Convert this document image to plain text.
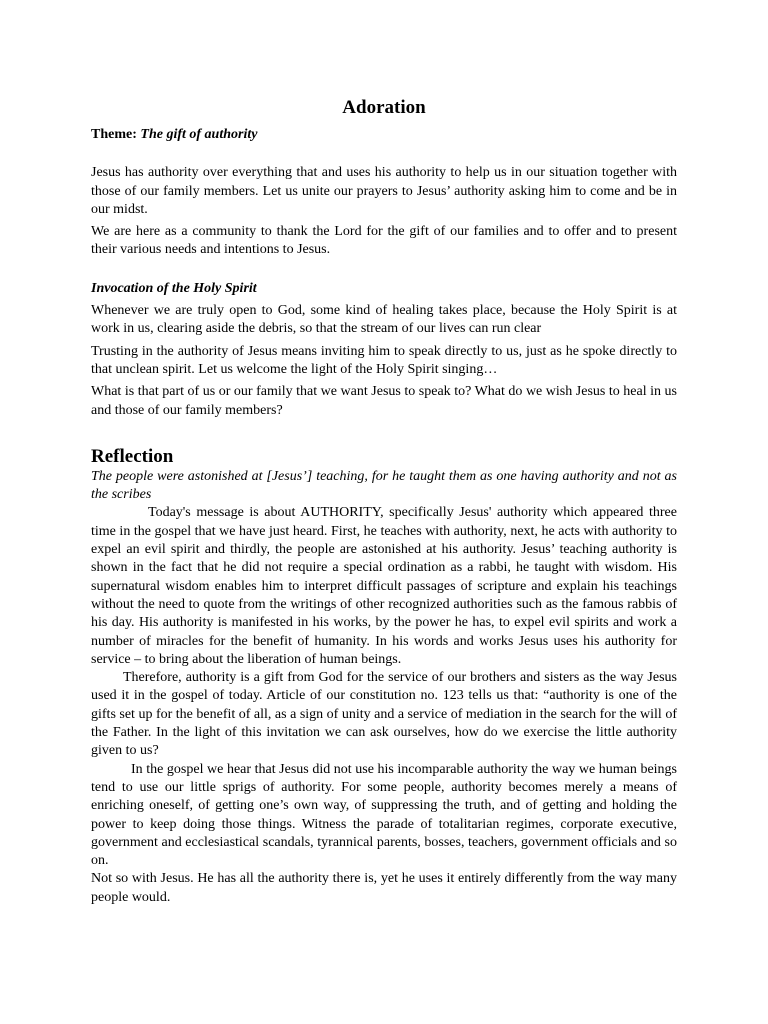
Adoration
Theme: The gift of authority

Jesus has authority over everything that and uses his authority to help us in our situation together with those of our family members. Let us unite our prayers to Jesus’ authority asking him to come and be in our midst.

We are here as a community to thank the Lord for the gift of our families and to offer and to present their various needs and intentions to Jesus.

Invocation of the Holy Spirit

Whenever we are truly open to God, some kind of healing takes place, because the Holy Spirit is at work in us, clearing aside the debris, so that the stream of our lives can run clear

Trusting in the authority of Jesus means inviting him to speak directly to us, just as he spoke directly to that unclean spirit. Let us welcome the light of the Holy Spirit singing…

What is that part of us or our family that we want Jesus to speak to? What do we wish Jesus to heal in us and those of our family members?

Reflection
The people were astonished at [Jesus’] teaching, for he taught them as one having authority and not as the scribes

Today's message is about AUTHORITY, specifically Jesus' authority which appeared three time in the gospel that we have just heard. First, he teaches with authority, next, he acts with authority to expel an evil spirit and thirdly, the people are astonished at his authority. Jesus’ teaching authority is shown in the fact that he did not require a special ordination as a rabbi, he taught with wisdom. His supernatural wisdom enables him to interpret difficult passages of scripture and explain his teachings without the need to quote from the writings of other recognized authorities such as the famous rabbis of his day. His authority is manifested in his works, by the power he has, to expel evil spirits and work a number of miracles for the benefit of humanity. In his words and works Jesus uses his authority for service – to bring about the liberation of human beings.

Therefore, authority is a gift from God for the service of our brothers and sisters as the way Jesus used it in the gospel of today. Article of our constitution no. 123 tells us that: “authority is one of the gifts set up for the benefit of all, as a sign of unity and a service of mediation in the search for the will of the Father. In the light of this invitation we can ask ourselves, how do we exercise the little authority given to us?

In the gospel we hear that Jesus did not use his incomparable authority the way we human beings tend to use our little sprigs of authority. For some people, authority becomes merely a means of enriching oneself, of getting one’s own way, of suppressing the truth, and of getting and holding the power to keep doing those things. Witness the parade of totalitarian regimes, corporate executive, government and ecclesiastical scandals, tyrannical parents, bosses, teachers, government officials and so on.

Not so with Jesus. He has all the authority there is, yet he uses it entirely differently from the way many people would.
